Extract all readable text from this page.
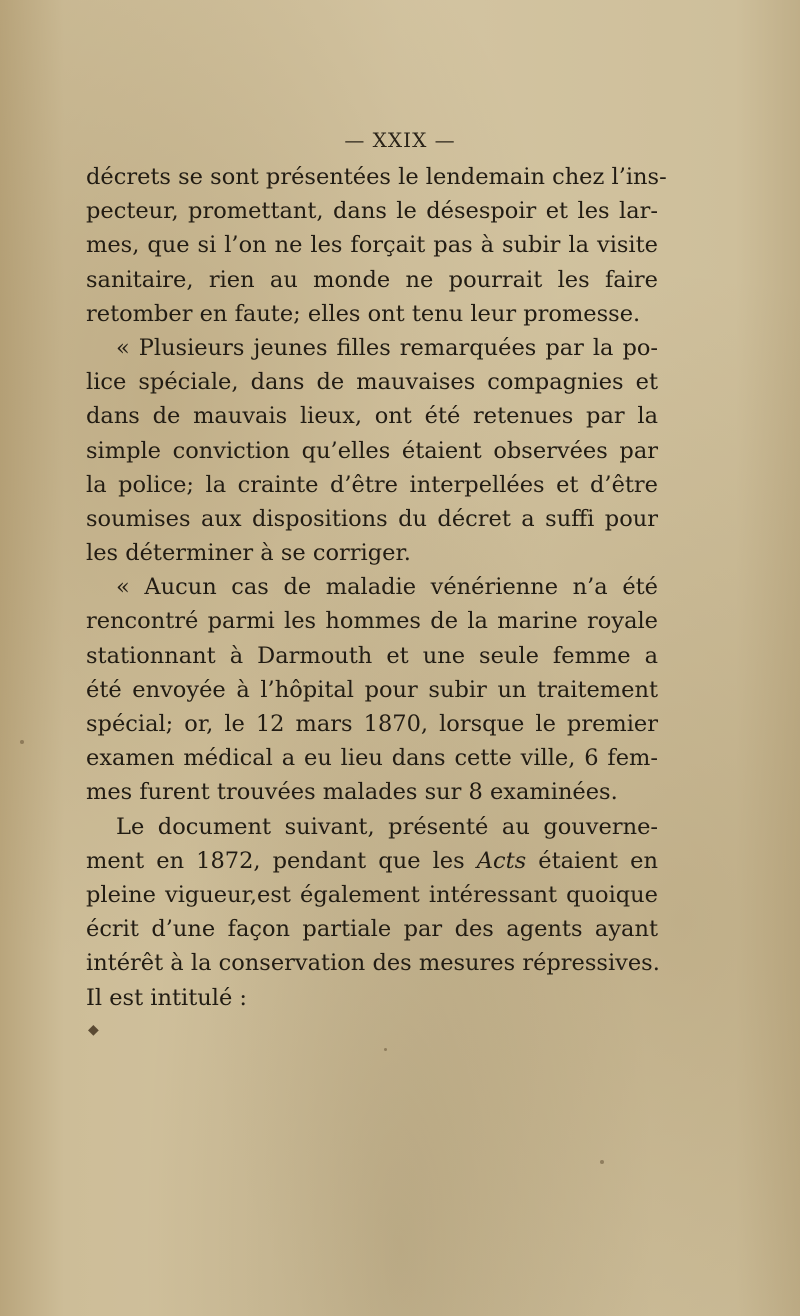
— XXIX —
décrets se sont présentées le lendemain chez l’ins-
pecteur, promettant, dans le désespoir et les lar-
mes, que si l’on ne les forçait pas à subir la visite
sanitaire, rien au monde ne pourrait les faire
retomber en faute; elles ont tenu leur promesse.
« Plusieurs jeunes filles remarquées par la po-
lice spéciale, dans de mauvaises compagnies et
dans de mauvais lieux, ont été retenues par la
simple conviction qu’elles étaient observées par
la police; la crainte d’être interpellées et d’être
soumises aux dispositions du décret a suffi pour
les déterminer à se corriger.
« Aucun cas de maladie vénérienne n’a été
rencontré parmi les hommes de la marine royale
stationnant à Darmouth et une seule femme a
été envoyée à l’hôpital pour subir un traitement
spécial; or, le 12 mars 1870, lorsque le premier
examen médical a eu lieu dans cette ville, 6 fem-
mes furent trouvées malades sur 8 examinées.
Le document suivant, présenté au gouverne-
ment en 1872, pendant que les Acts étaient en
pleine vigueur,est également intéressant quoique
écrit d’une façon partiale par des agents ayant
intérêt à la conservation des mesures répressives.
Il est intitulé :
◆
